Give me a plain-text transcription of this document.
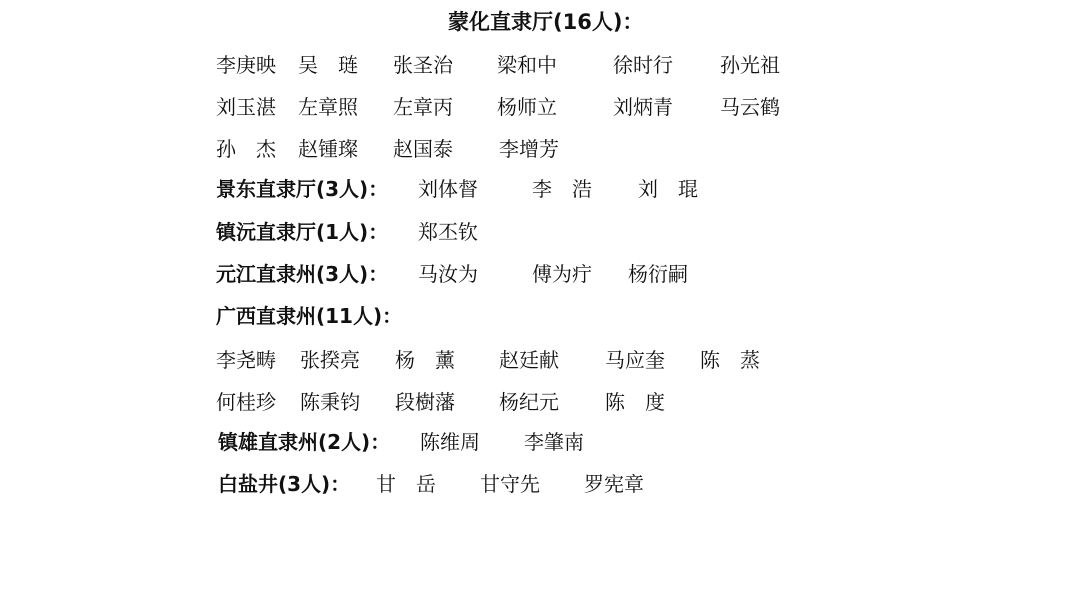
蒙化直隶厅(16人)：
李庚映 吴　琏 张圣治 梁和中	徐时行 孙光祖
刘玉湛 左章照 左章丙 杨师立	刘炳青 马云鹤
孙　杰 赵锺璨 赵国泰 李增芳
景东直隶厅(3人)： 刘体督	李　浩 刘　琨
镇沅直隶厅(1人)： 郑丕钦
元江直隶州(3人)： 马汝为	傅为疔 杨衍嗣
广西直隶州(11人)：
李尧畴 张揆亮 杨　薰 赵廷献 马应奎 陈　蒸
何桂珍 陈秉钧 段樹藩 杨纪元 陈　度
镇雄直隶州(2人)： 陈维周 李肇南
白盐井(3人)： 甘　岳 甘守先 罗宪章
